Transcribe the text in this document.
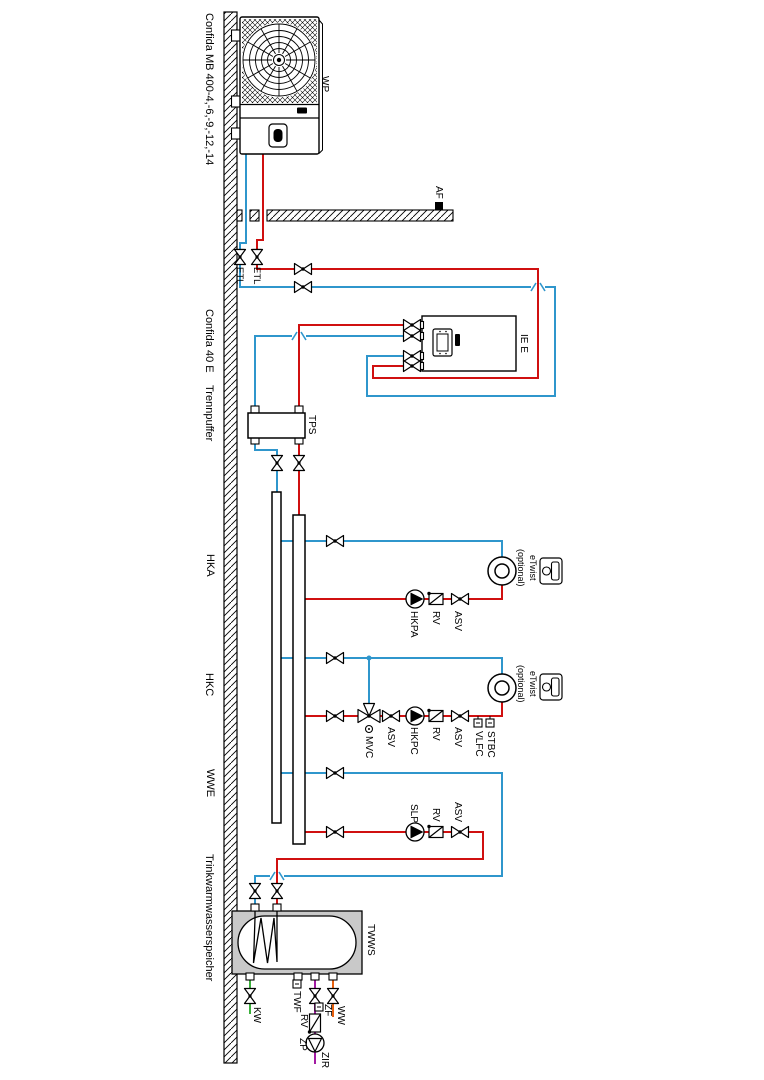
Confida MB 400-4,-6,-9,-12,-14	WP
AF
ETL ETL
Confida 40 E
Trennpuffer
IE E
TPS
HKA
HKPA RV ASV
eTwist
(optional)
HKC
MVC ASV HKPC RV ASV VLFC STBC
eTwist
(optional)
WWE
SLP RV ASV
Trinkwarmwasserspeicher	TWWS
KW
TWF ZF WW
RV
ZP
ZIR
